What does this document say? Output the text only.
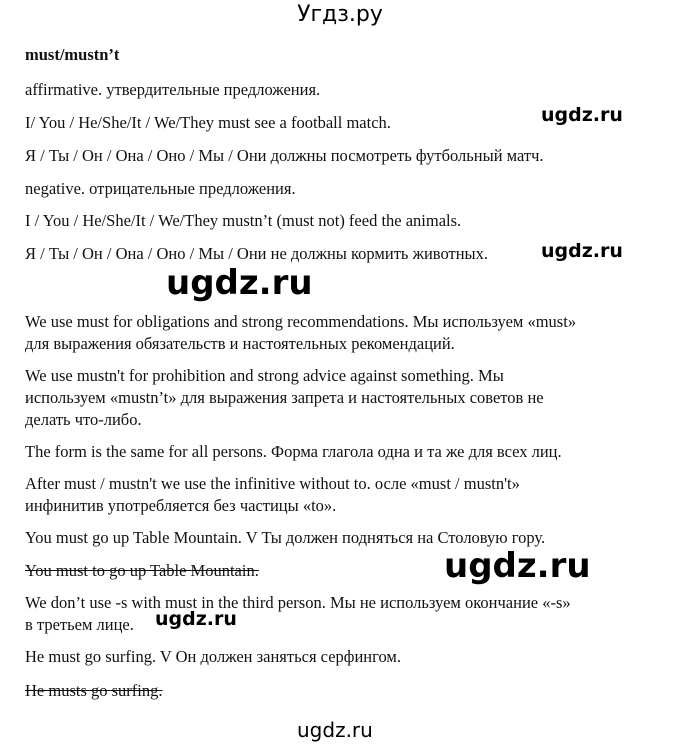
Угдз.ру
must/mustn’t
affirmative. утвердительные предложения.
I/ You / He/She/It / We/They must see a football match.
Я / Ты / Он / Она / Оно / Мы / Они должны посмотреть футбольный матч.
negative. отрицательные предложения.
I / You / He/She/It / We/They mustn’t (must not) feed the animals.
Я / Ты / Он / Она / Оно / Мы / Они не должны кормить животных.
We use must for obligations and strong recommendations. Мы используем «must»
для выражения обязательств и настоятельных рекомендаций.
We use mustn't for prohibition and strong advice against something. Мы
используем «mustn’t» для выражения запрета и настоятельных советов не
делать что-либо.
The form is the same for all persons. Форма глагола одна и та же для всех лиц.
After must / mustn't we use the infinitive without to. осле «must / mustn't»
инфинитив употребляется без частицы «to».
You must go up Table Mountain. V Ты должен подняться на Столовую гору.
You must to go up Table Mountain.
We don’t use -s with must in the third person. Мы не используем окончание «-s»
в третьем лице.
He must go surfing. V Он должен заняться серфингом.
He musts go surfing.
ugdz.ru
ugdz.ru
ugdz.ru
ugdz.ru
ugdz.ru
ugdz.ru
